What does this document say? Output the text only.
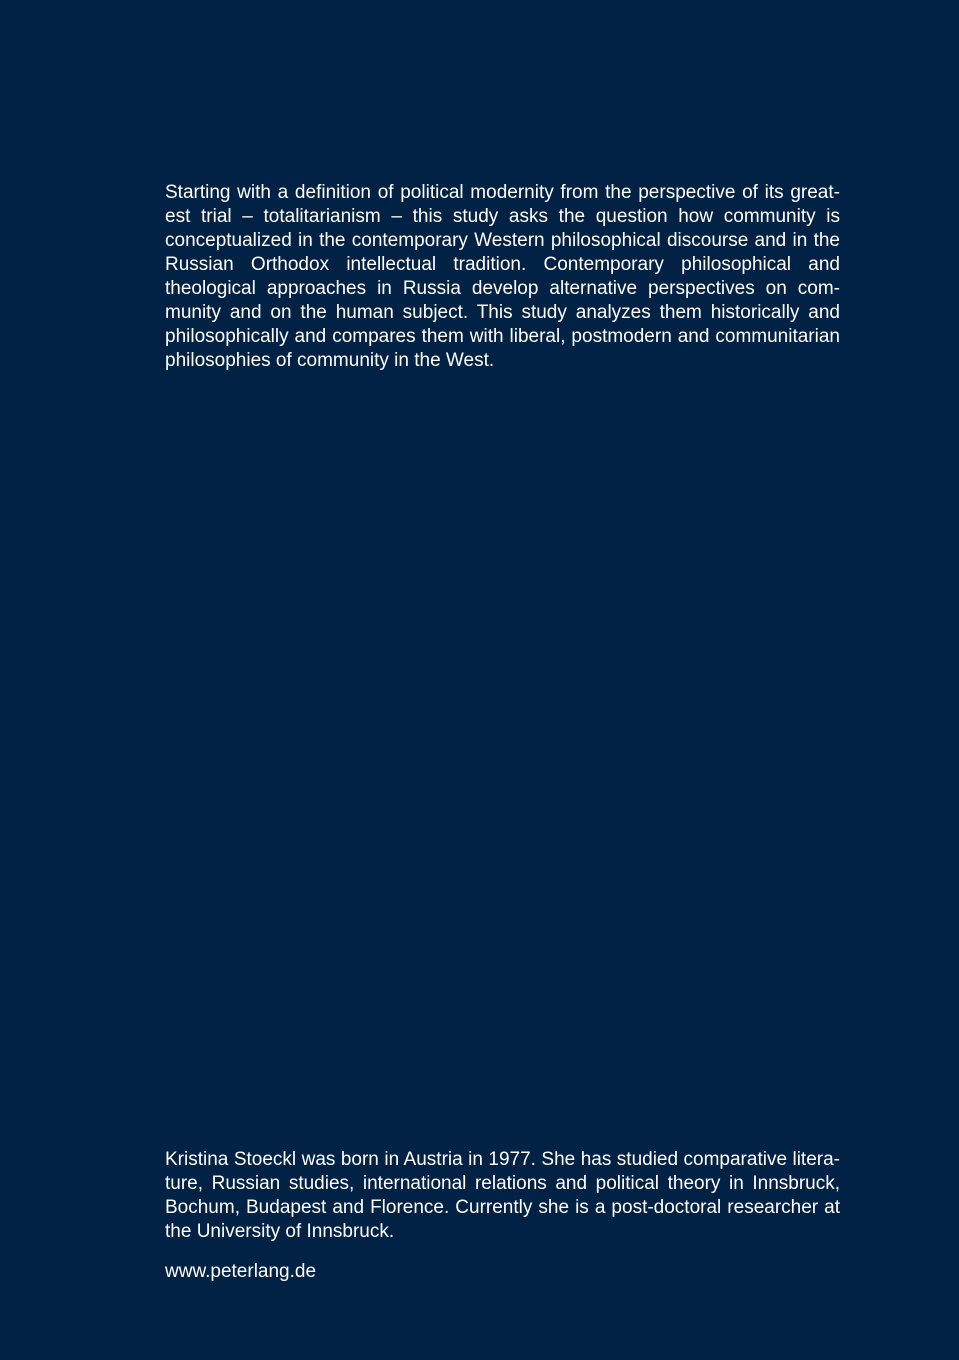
Starting with a definition of political modernity from the perspective of its greatest trial – totalitarianism – this study asks the question how community is conceptualized in the contemporary Western philosophical discourse and in the Russian Orthodox intellectual tradition. Contemporary philosophical and theological approaches in Russia develop alternative perspectives on community and on the human subject. This study analyzes them historically and philosophically and compares them with liberal, postmodern and communitarian philosophies of community in the West.

Kristina Stoeckl was born in Austria in 1977. She has studied comparative literature, Russian studies, international relations and political theory in Innsbruck, Bochum, Budapest and Florence. Currently she is a post-doctoral researcher at the University of Innsbruck.

www.peterlang.de
